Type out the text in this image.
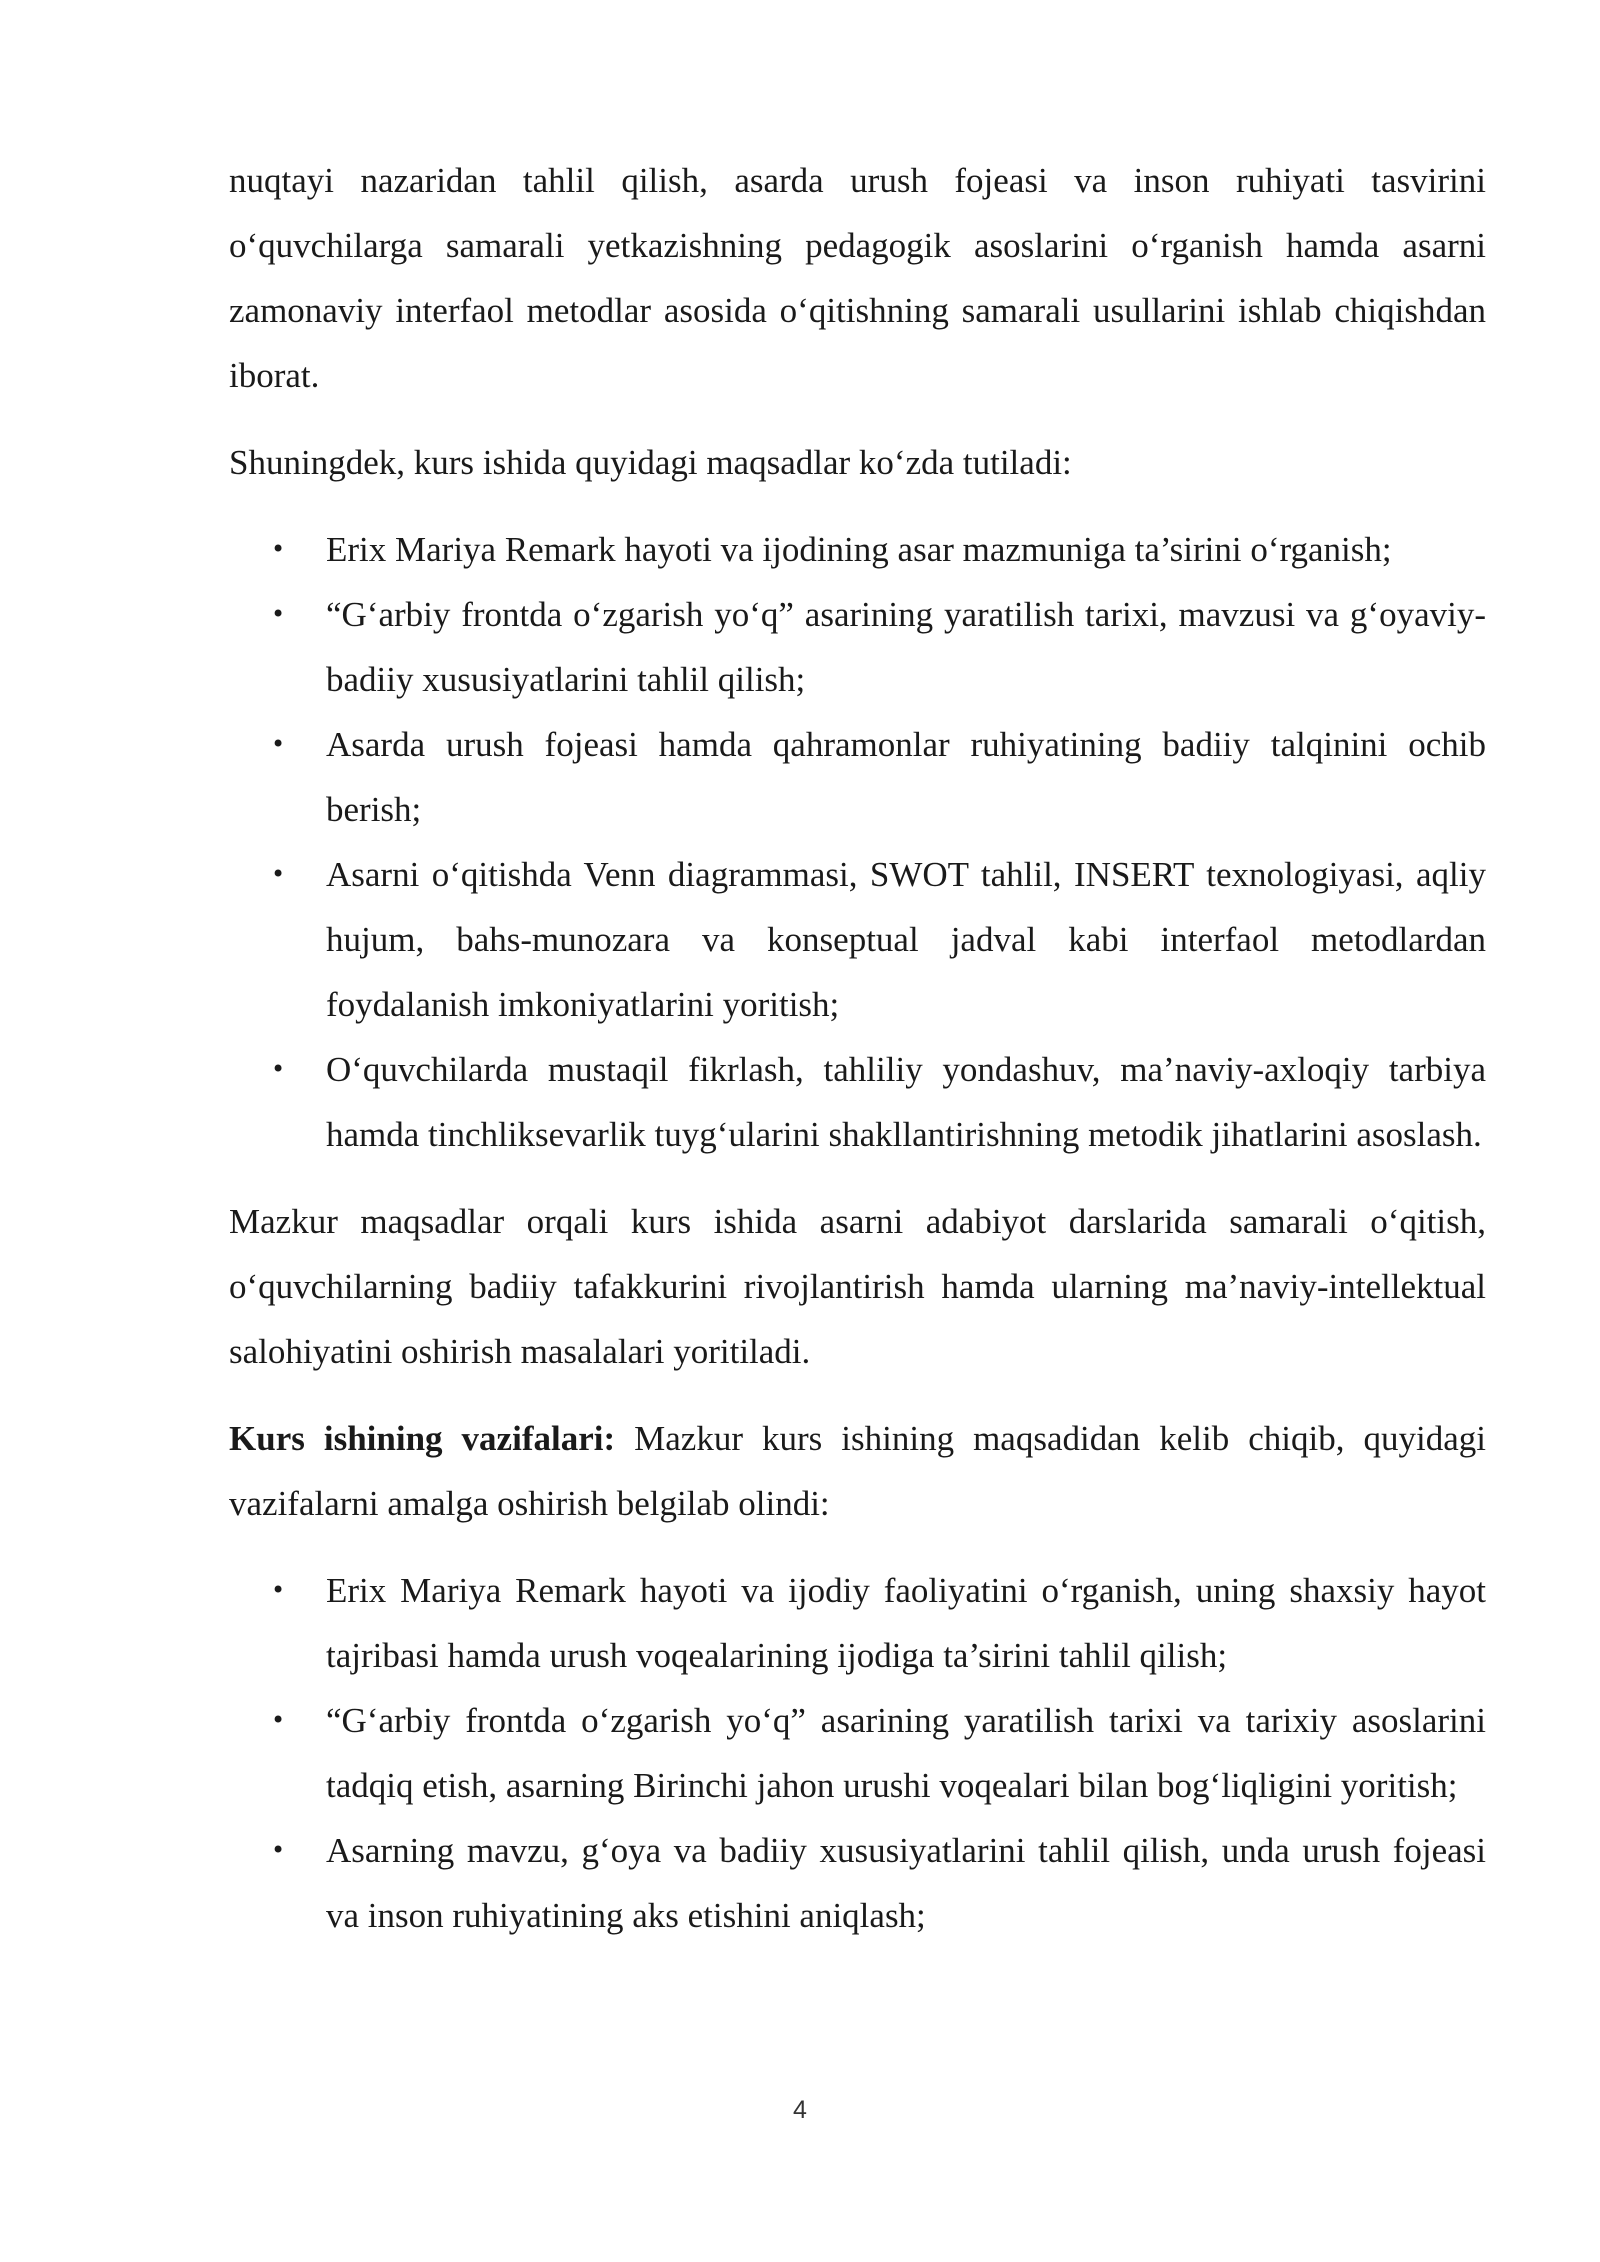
nuqtayi nazaridan tahlil qilish, asarda urush fojeasi va inson ruhiyati tasvirini o‘quvchilarga samarali yetkazishning pedagogik asoslarini o‘rganish hamda asarni zamonaviy interfaol metodlar asosida o‘qitishning samarali usullarini ishlab chiqishdan iborat.

Shuningdek, kurs ishida quyidagi maqsadlar ko‘zda tutiladi:

•	Erix Mariya Remark hayoti va ijodining asar mazmuniga ta’sirini o‘rganish;
•	“G‘arbiy frontda o‘zgarish yo‘q” asarining yaratilish tarixi, mavzusi va g‘oyaviy-badiiy xususiyatlarini tahlil qilish;
•	Asarda urush fojeasi hamda qahramonlar ruhiyatining badiiy talqinini ochib berish;
•	Asarni o‘qitishda Venn diagrammasi, SWOT tahlil, INSERT texnologiyasi, aqliy hujum, bahs-munozara va konseptual jadval kabi interfaol metodlardan foydalanish imkoniyatlarini yoritish;
•	O‘quvchilarda mustaqil fikrlash, tahliliy yondashuv, ma’naviy-axloqiy tarbiya hamda tinchliksevarlik tuyg‘ularini shakllantirishning metodik jihatlarini asoslash.

Mazkur maqsadlar orqali kurs ishida asarni adabiyot darslarida samarali o‘qitish, o‘quvchilarning badiiy tafakkurini rivojlantirish hamda ularning ma’naviy-intellektual salohiyatini oshirish masalalari yoritiladi.

Kurs ishining vazifalari: Mazkur kurs ishining maqsadidan kelib chiqib, quyidagi vazifalarni amalga oshirish belgilab olindi:

•	Erix Mariya Remark hayoti va ijodiy faoliyatini o‘rganish, uning shaxsiy hayot tajribasi hamda urush voqealarining ijodiga ta’sirini tahlil qilish;
•	“G‘arbiy frontda o‘zgarish yo‘q” asarining yaratilish tarixi va tarixiy asoslarini tadqiq etish, asarning Birinchi jahon urushi voqealari bilan bog‘liqligini yoritish;
•	Asarning mavzu, g‘oya va badiiy xususiyatlarini tahlil qilish, unda urush fojeasi va inson ruhiyatining aks etishini aniqlash;
4
